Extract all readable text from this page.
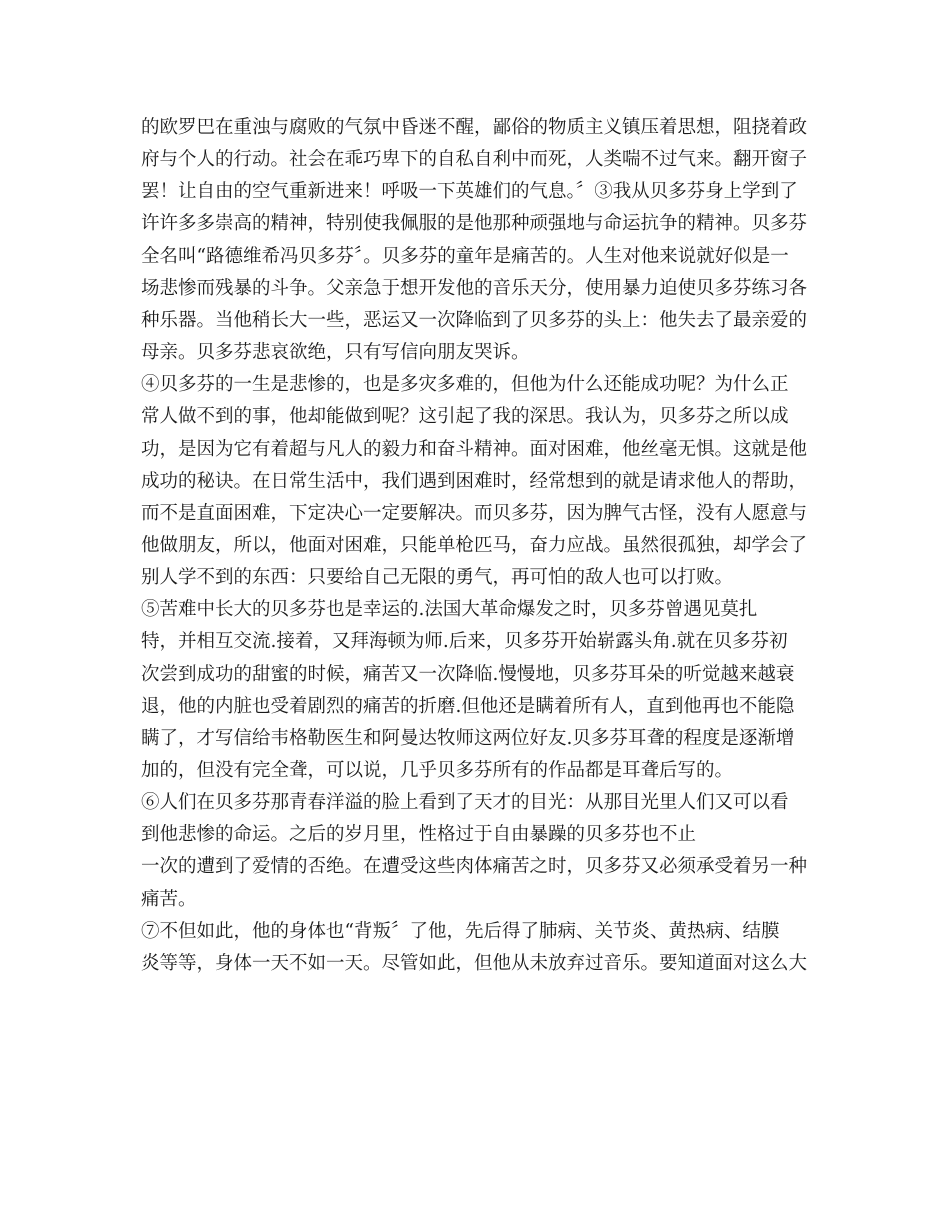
的欧罗巴在重浊与腐败的气氛中昏迷不醒，鄙俗的物质主义镇压着思想，阻挠着政
府与个人的行动。社会在乖巧卑下的自私自利中而死，人类喘不过气来。翻开窗子
罢！让自由的空气重新进来！呼吸一下英雄们的气息。〞③我从贝多芬身上学到了
许许多多崇高的精神，特别使我佩服的是他那种顽强地与命运抗争的精神。贝多芬
全名叫“路德维希冯贝多芬〞。贝多芬的童年是痛苦的。人生对他来说就好似是一
场悲惨而残暴的斗争。父亲急于想开发他的音乐天分，使用暴力迫使贝多芬练习各
种乐器。当他稍长大一些，恶运又一次降临到了贝多芬的头上：他失去了最亲爱的
母亲。贝多芬悲哀欲绝，只有写信向朋友哭诉。
④贝多芬的一生是悲惨的，也是多灾多难的，但他为什么还能成功呢？为什么正
常人做不到的事，他却能做到呢？这引起了我的深思。我认为，贝多芬之所以成
功，是因为它有着超与凡人的毅力和奋斗精神。面对困难，他丝毫无惧。这就是他
成功的秘诀。在日常生活中，我们遇到困难时，经常想到的就是请求他人的帮助，
而不是直面困难，下定决心一定要解决。而贝多芬，因为脾气古怪，没有人愿意与
他做朋友，所以，他面对困难，只能单枪匹马，奋力应战。虽然很孤独，却学会了
别人学不到的东西：只要给自己无限的勇气，再可怕的敌人也可以打败。
⑤苦难中长大的贝多芬也是幸运的.法国大革命爆发之时，贝多芬曾遇见莫扎
特，并相互交流.接着，又拜海顿为师.后来，贝多芬开始崭露头角.就在贝多芬初
次尝到成功的甜蜜的时候，痛苦又一次降临.慢慢地，贝多芬耳朵的听觉越来越衰
退，他的内脏也受着剧烈的痛苦的折磨.但他还是瞒着所有人，直到他再也不能隐
瞒了，才写信给韦格勒医生和阿曼达牧师这两位好友.贝多芬耳聋的程度是逐渐增
加的，但没有完全聋，可以说，几乎贝多芬所有的作品都是耳聋后写的。
⑥人们在贝多芬那青春洋溢的脸上看到了天才的目光：从那目光里人们又可以看
到他悲惨的命运。之后的岁月里，性格过于自由暴躁的贝多芬也不止
一次的遭到了爱情的否绝。在遭受这些肉体痛苦之时，贝多芬又必须承受着另一种
痛苦。
⑦不但如此，他的身体也“背叛〞了他，先后得了肺病、关节炎、黄热病、结膜
炎等等，身体一天不如一天。尽管如此，但他从未放弃过音乐。要知道面对这么大
